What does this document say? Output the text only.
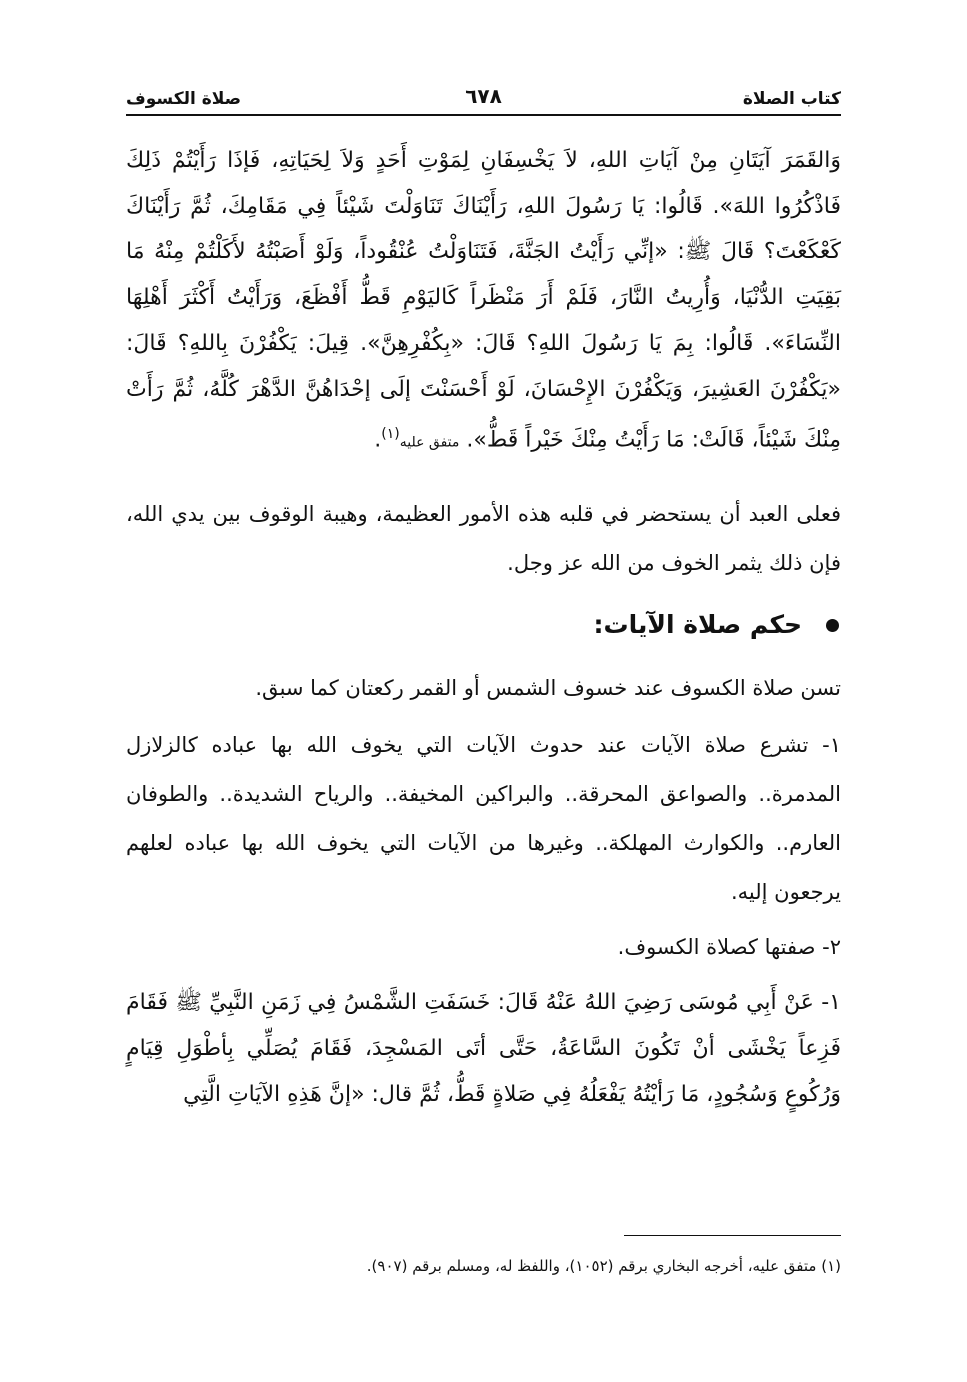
كتاب الصلاة
٦٧٨
صلاة الكسوف

وَالقَمَرَ آيَتَانِ مِنْ آيَاتِ اللهِ، لاَ يَخْسِفَانِ لِمَوْتِ أَحَدٍ وَلاَ لِحَيَاتِهِ، فَإذَا رَأَيْتُمْ ذَلِكَ فَاذْكُرُوا اللهَ». قَالُوا: يَا رَسُولَ اللهِ، رَأَيْنَاكَ تَنَاوَلْتَ شَيْئاً فِي مَقَامِكَ، ثُمَّ رَأَيْنَاكَ كَعْكَعْتَ؟ قَالَ ﷺ: «إنِّي رَأَيْتُ الجَنَّةَ، فَتَنَاوَلْتُ عُنْقُوداً، وَلَوْ أَصَبْتُهُ لأَكَلْتُمْ مِنْهُ مَا بَقِيَتِ الدُّنْيَا، وَأُرِيتُ النَّارَ، فَلَمْ أَرَ مَنْظَراً كَاليَوْمِ قَطُّ أَفْظَعَ، وَرَأَيْتُ أَكْثَرَ أَهْلِهَا النِّسَاءَ». قَالُوا: بِمَ يَا رَسُولَ اللهِ؟ قَالَ: «بِكُفْرِهِنَّ». قِيلَ: يَكْفُرْنَ بِاللهِ؟ قَالَ: «يَكْفُرْنَ العَشِيرَ، وَيَكْفُرْنَ الإِحْسَانَ، لَوْ أَحْسَنْتَ إلَى إحْدَاهُنَّ الدَّهْرَ كُلَّهُ، ثُمَّ رَأَتْ مِنْكَ شَيْئاً، قَالَتْ: مَا رَأَيْتُ مِنْكَ خَيْراً قَطُّ». متفق عليه$^{(١)}$.

فعلى العبد أن يستحضر في قلبه هذه الأمور العظيمة، وهيبة الوقوف بين يدي الله، فإن ذلك يثمر الخوف من الله عز وجل.

حكم صلاة الآيات:

تسن صلاة الكسوف عند خسوف الشمس أو القمر ركعتان كما سبق.

١- تشرع صلاة الآيات عند حدوث الآيات التي يخوف الله بها عباده كالزلازل المدمرة.. والصواعق المحرقة.. والبراكين المخيفة.. والرياح الشديدة.. والطوفان العارم.. والكوارث المهلكة.. وغيرها من الآيات التي يخوف الله بها عباده لعلهم يرجعون إليه.

٢- صفتها كصلاة الكسوف.

١- عَنْ أَبِي مُوسَى رَضِيَ اللهُ عَنْهُ قَالَ: خَسَفَتِ الشَّمْسُ فِي زَمَنِ النَّبِيِّ ﷺ فَقَامَ فَزِعاً يَخْشَى أنْ تَكُونَ السَّاعَةُ، حَتَّى أتَى المَسْجِدَ، فَقَامَ يُصَلِّي بِأطْوَلِ قِيَامٍ وَرُكُوعٍ وَسُجُودٍ، مَا رَأيْتُهُ يَفْعَلُهُ فِي صَلاةٍ قَطُّ، ثُمَّ قال: «إنَّ هَذِهِ الآيَاتِ الَّتِي

(١) متفق عليه، أخرجه البخاري برقم (١٠٥٢)، واللفظ له، ومسلم برقم (٩٠٧).
